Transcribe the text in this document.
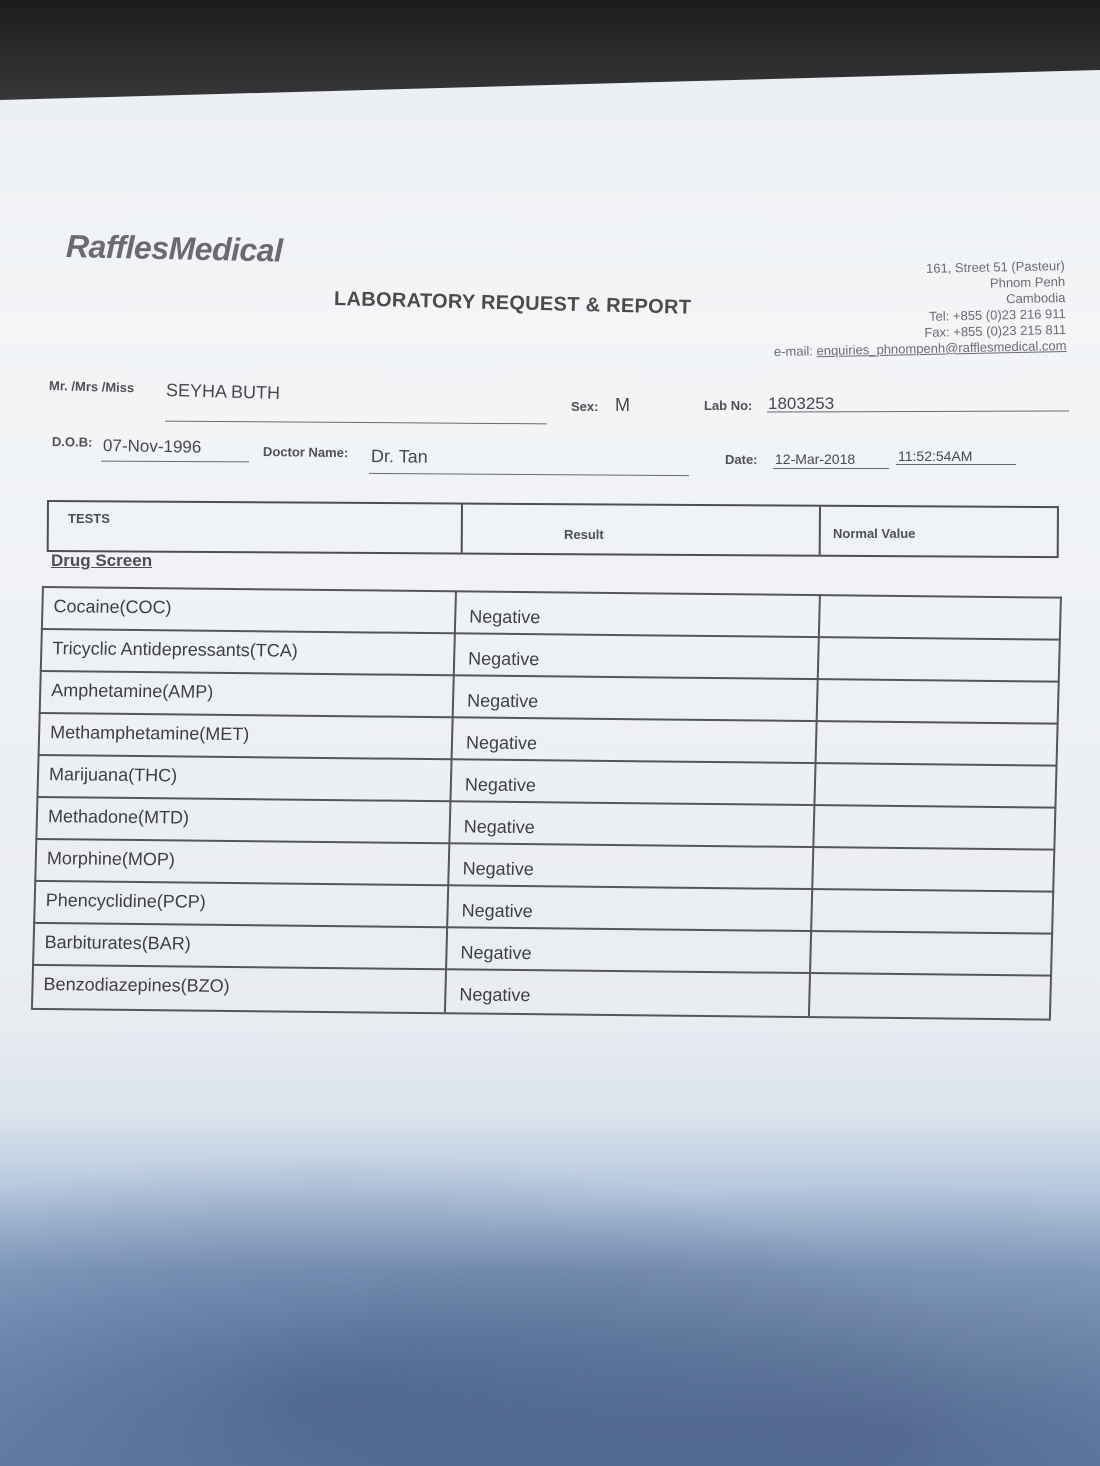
RafflesMedical
LABORATORY REQUEST & REPORT
161, Street 51 (Pasteur)
Phnom Penh
Cambodia
Tel: +855 (0)23 216 911
Fax: +855 (0)23 215 811
e-mail: enquiries_phnompenh@rafflesmedical.com
Mr. /Mrs /Miss SEYHA BUTH
Sex: M	Lab No: 1803253
D.O.B: 07-Nov-1996	Doctor Name: Dr. Tan	Date: 12-Mar-2018	11:52:54AM
TESTS
Result	Normal Value
Drug Screen
Cocaine(COC)	Negative
Tricyclic Antidepressants(TCA)	Negative
Amphetamine(AMP)	Negative
Methamphetamine(MET)	Negative
Marijuana(THC)	Negative
Methadone(MTD)	Negative
Morphine(MOP)	Negative
Phencyclidine(PCP)	Negative
Barbiturates(BAR)	Negative
Benzodiazepines(BZO)	Negative
